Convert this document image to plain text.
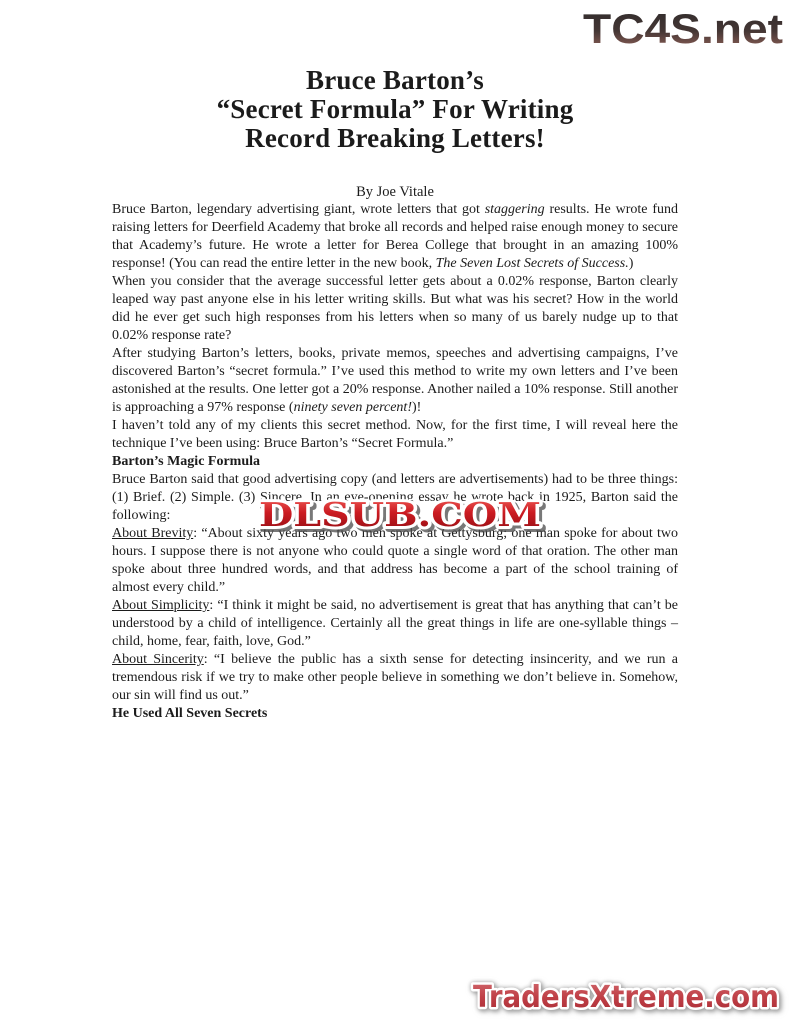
TC4S.net
Bruce Barton’s
“Secret Formula” For Writing
Record Breaking Letters!
By Joe Vitale

Bruce Barton, legendary advertising giant, wrote letters that got staggering results. He wrote fund raising letters for Deerfield Academy that broke all records and helped raise enough money to secure that Academy’s future. He wrote a letter for Berea College that brought in an amazing 100% response! (You can read the entire letter in the new book, The Seven Lost Secrets of Success.)

When you consider that the average successful letter gets about a 0.02% response, Barton clearly leaped way past anyone else in his letter writing skills. But what was his secret? How in the world did he ever get such high responses from his letters when so many of us barely nudge up to that 0.02% response rate?

After studying Barton’s letters, books, private memos, speeches and advertising campaigns, I’ve discovered Barton’s “secret formula.” I’ve used this method to write my own letters and I’ve been astonished at the results. One letter got a 20% response. Another nailed a 10% response. Still another is approaching a 97% response (ninety seven percent!)!

I haven’t told any of my clients this secret method. Now, for the first time, I will reveal here the technique I’ve been using: Bruce Barton’s “Secret Formula.”

Barton’s Magic Formula

Bruce Barton said that good advertising copy (and letters are advertisements) had to be three things: (1) Brief. (2) Simple. (3) Sincere. In an eye-opening essay he wrote back in 1925, Barton said the following:

About Brevity: “About sixty years ago two men spoke at Gettysburg; one man spoke for about two hours. I suppose there is not anyone who could quote a single word of that oration. The other man spoke about three hundred words, and that address has become a part of the school training of almost every child.”

About Simplicity: “I think it might be said, no advertisement is great that has anything that can’t be understood by a child of intelligence. Certainly all the great things in life are one-syllable things – child, home, fear, faith, love, God.”

About Sincerity: “I believe the public has a sixth sense for detecting insincerity, and we run a tremendous risk if we try to make other people believe in something we don’t believe in. Somehow, our sin will find us out.”

He Used All Seven Secrets
DLSUB.COM
TradersXtreme.com
